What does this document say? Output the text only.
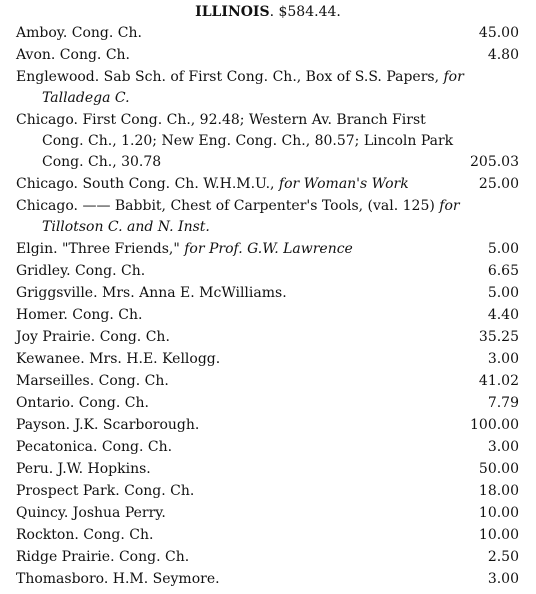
ILLINOIS. $584.44.
Amboy. Cong. Ch.	45.00
Avon. Cong. Ch.	4.80
Englewood. Sab Sch. of First Cong. Ch., Box of S.S. Papers, for Talladega C.
Chicago. First Cong. Ch., 92.48; Western Av. Branch First Cong. Ch., 1.20; New Eng. Cong. Ch., 80.57; Lincoln Park Cong. Ch., 30.78	205.03
Chicago. South Cong. Ch. W.H.M.U., for Woman's Work	25.00
Chicago. —— Babbit, Chest of Carpenter's Tools, (val. 125) for Tillotson C. and N. Inst.
Elgin. "Three Friends," for Prof. G.W. Lawrence	5.00
Gridley. Cong. Ch.	6.65
Griggsville. Mrs. Anna E. McWilliams.	5.00
Homer. Cong. Ch.	4.40
Joy Prairie. Cong. Ch.	35.25
Kewanee. Mrs. H.E. Kellogg.	3.00
Marseilles. Cong. Ch.	41.02
Ontario. Cong. Ch.	7.79
Payson. J.K. Scarborough.	100.00
Pecatonica. Cong. Ch.	3.00
Peru. J.W. Hopkins.	50.00
Prospect Park. Cong. Ch.	18.00
Quincy. Joshua Perry.	10.00
Rockton. Cong. Ch.	10.00
Ridge Prairie. Cong. Ch.	2.50
Thomasboro. H.M. Seymore.	3.00
